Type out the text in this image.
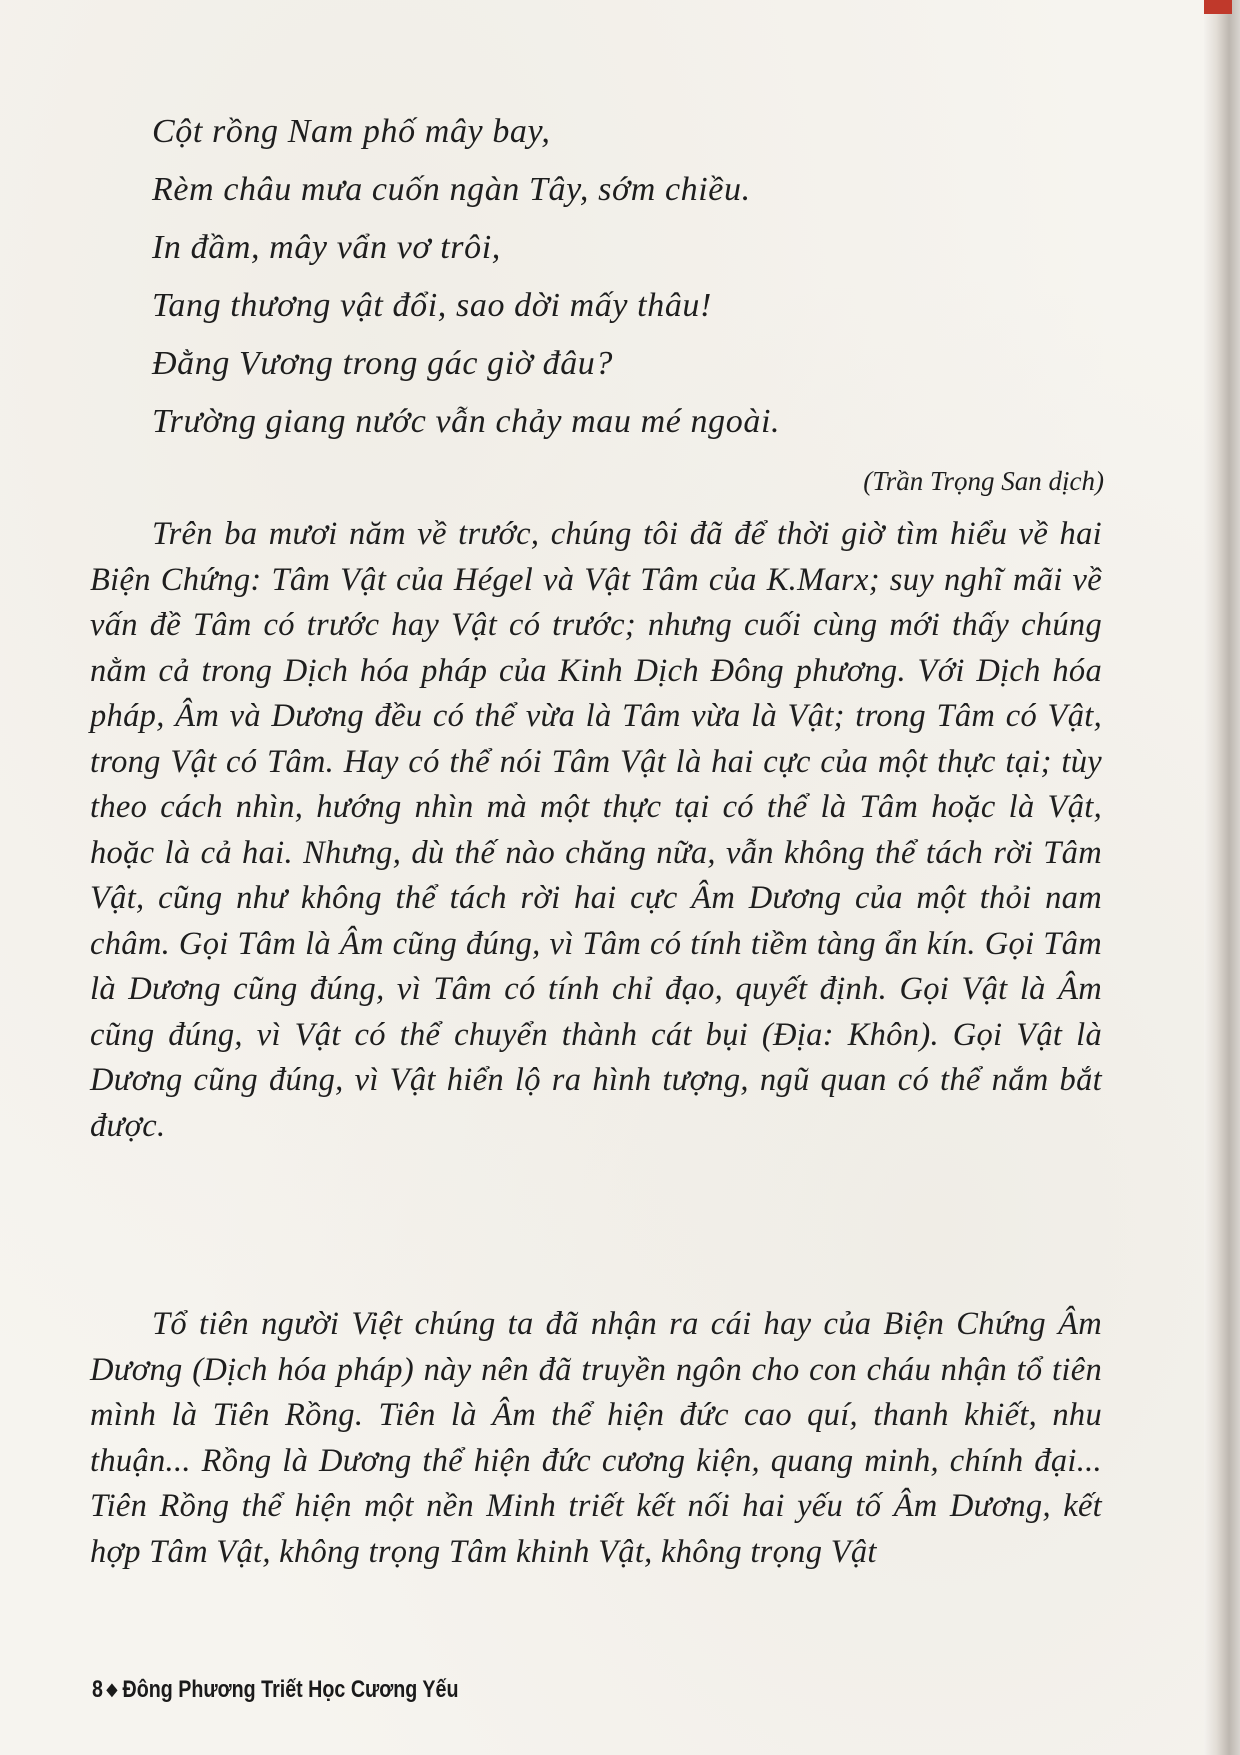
Cột rồng Nam phố mây bay,
Rèm châu mưa cuốn ngàn Tây, sớm chiều.
In đầm, mây vẩn vơ trôi,
Tang thương vật đổi, sao dời mấy thâu!
Đằng Vương trong gác giờ đâu?
Trường giang nước vẫn chảy mau mé ngoài.
(Trần Trọng San dịch)

Trên ba mươi năm về trước, chúng tôi đã để thời giờ tìm hiểu về hai Biện Chứng: Tâm Vật của Hégel và Vật Tâm của K.Marx; suy nghĩ mãi về vấn đề Tâm có trước hay Vật có trước; nhưng cuối cùng mới thấy chúng nằm cả trong Dịch hóa pháp của Kinh Dịch Đông phương. Với Dịch hóa pháp, Âm và Dương đều có thể vừa là Tâm vừa là Vật; trong Tâm có Vật, trong Vật có Tâm. Hay có thể nói Tâm Vật là hai cực của một thực tại; tùy theo cách nhìn, hướng nhìn mà một thực tại có thể là Tâm hoặc là Vật, hoặc là cả hai. Nhưng, dù thế nào chăng nữa, vẫn không thể tách rời Tâm Vật, cũng như không thể tách rời hai cực Âm Dương của một thỏi nam châm. Gọi Tâm là Âm cũng đúng, vì Tâm có tính tiềm tàng ẩn kín. Gọi Tâm là Dương cũng đúng, vì Tâm có tính chỉ đạo, quyết định. Gọi Vật là Âm cũng đúng, vì Vật có thể chuyển thành cát bụi (Địa: Khôn). Gọi Vật là Dương cũng đúng, vì Vật hiển lộ ra hình tượng, ngũ quan có thể nắm bắt được.

Tổ tiên người Việt chúng ta đã nhận ra cái hay của Biện Chứng Âm Dương (Dịch hóa pháp) này nên đã truyền ngôn cho con cháu nhận tổ tiên mình là Tiên Rồng. Tiên là Âm thể hiện đức cao quí, thanh khiết, nhu thuận... Rồng là Dương thể hiện đức cương kiện, quang minh, chính đại... Tiên Rồng thể hiện một nền Minh triết kết nối hai yếu tố Âm Dương, kết hợp Tâm Vật, không trọng Tâm khinh Vật, không trọng Vật

8 ◆ Đông Phương Triết Học Cương Yếu
